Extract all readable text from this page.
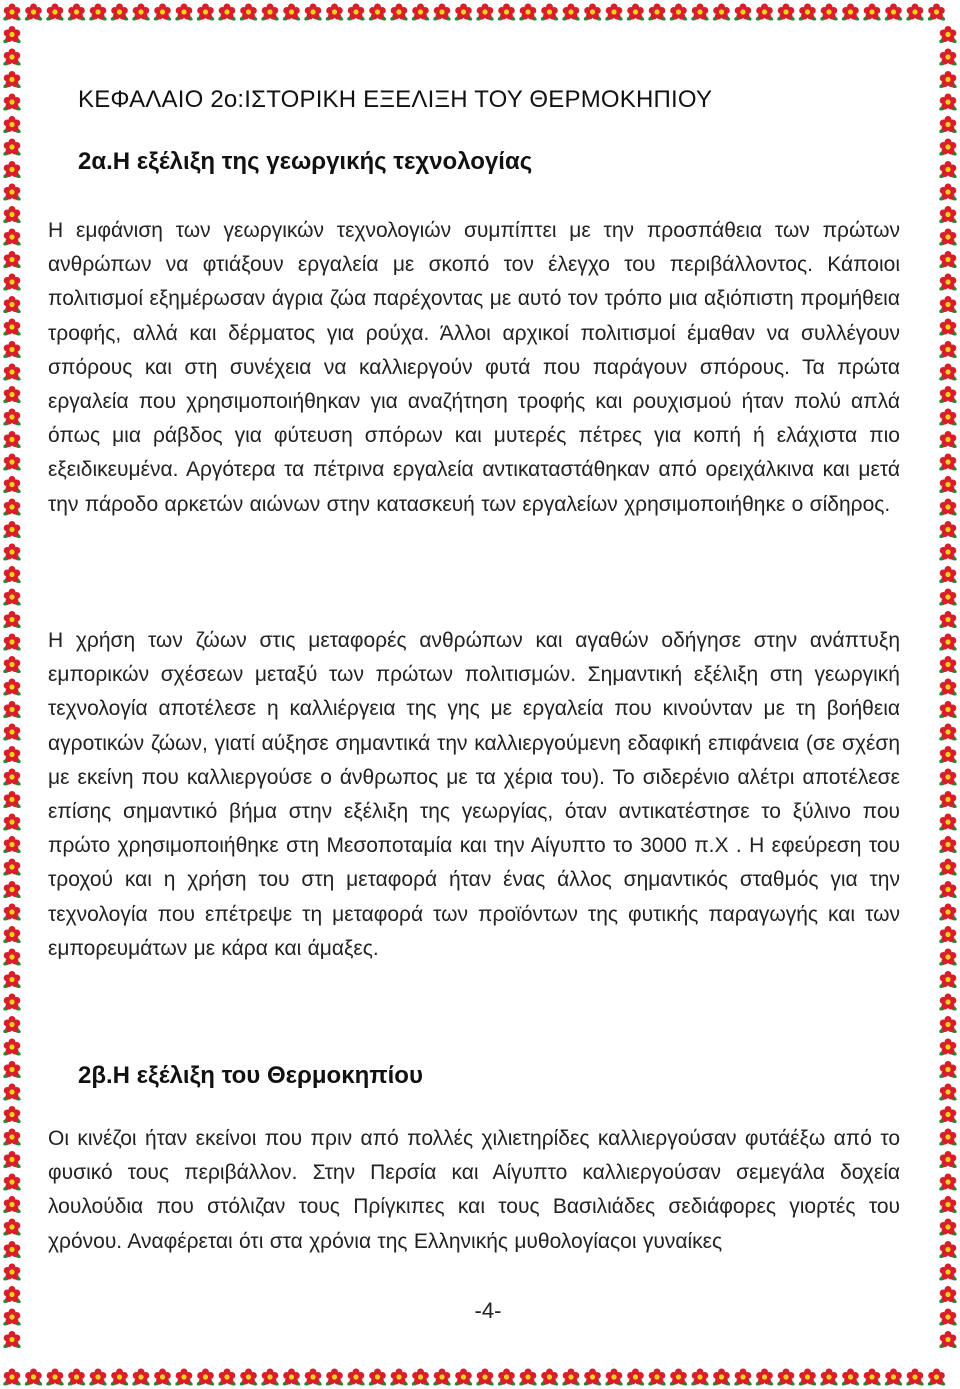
ΚΕΦΑΛΑΙΟ 2ο:ΙΣΤΟΡΙΚΗ ΕΞΕΛΙΞΗ ΤΟΥ ΘΕΡΜΟΚΗΠΙΟΥ
2α.Η εξέλιξη της γεωργικής τεχνολογίας

Η εμφάνιση των γεωργικών τεχνολογιών συμπίπτει με την προσπάθεια των πρώτων ανθρώπων να φτιάξουν εργαλεία με σκοπό τον έλεγχο του περιβάλλοντος. Κάποιοι πολιτισμοί εξημέρωσαν άγρια ζώα παρέχοντας με αυτό τον τρόπο μια αξιόπιστη προμήθεια τροφής, αλλά και δέρματος για ρούχα. Άλλοι αρχικοί πολιτισμοί έμαθαν να συλλέγουν σπόρους και στη συνέχεια να καλλιεργούν φυτά που παράγουν σπόρους. Τα πρώτα εργαλεία που χρησιμοποιήθηκαν για αναζήτηση τροφής και ρουχισμού ήταν πολύ απλά όπως μια ράβδος για φύτευση σπόρων και μυτερές πέτρες για κοπή ή ελάχιστα πιο εξειδικευμένα. Αργότερα τα πέτρινα εργαλεία αντικαταστάθηκαν από ορειχάλκινα και μετά την πάροδο αρκετών αιώνων στην κατασκευή των εργαλείων χρησιμοποιήθηκε ο σίδηρος.

Η χρήση των ζώων στις μεταφορές ανθρώπων και αγαθών οδήγησε στην ανάπτυξη εμπορικών σχέσεων μεταξύ των πρώτων πολιτισμών. Σημαντική εξέλιξη στη γεωργική τεχνολογία αποτέλεσε η καλλιέργεια της γης με εργαλεία που κινούνταν με τη βοήθεια αγροτικών ζώων, γιατί αύξησε σημαντικά την καλλιεργούμενη εδαφική επιφάνεια (σε σχέση με εκείνη που καλλιεργούσε ο άνθρωπος με τα χέρια του). Το σιδερένιο αλέτρι αποτέλεσε επίσης σημαντικό βήμα στην εξέλιξη της γεωργίας, όταν αντικατέστησε το ξύλινο που πρώτο χρησιμοποιήθηκε στη Μεσοποταμία και την Αίγυπτο το 3000 π.Χ . Η εφεύρεση του τροχού και η χρήση του στη μεταφορά ήταν ένας άλλος σημαντικός σταθμός για την τεχνολογία που επέτρεψε τη μεταφορά των προϊόντων της φυτικής παραγωγής και των εμπορευμάτων με κάρα και άμαξες.

2β.Η εξέλιξη του Θερμοκηπίου

Οι κινέζοι ήταν εκείνοι που πριν από πολλές χιλιετηρίδες καλλιεργούσαν φυτάέξω από το φυσικό τους περιβάλλον. Στην Περσία και Αίγυπτο καλλιεργούσαν σεμεγάλα δοχεία λουλούδια που στόλιζαν τους Πρίγκιπες και τους Βασιλιάδες σεδιάφορες γιορτές του χρόνου. Αναφέρεται ότι στα χρόνια της Ελληνικής μυθολογίαςοι γυναίκες

-4-
